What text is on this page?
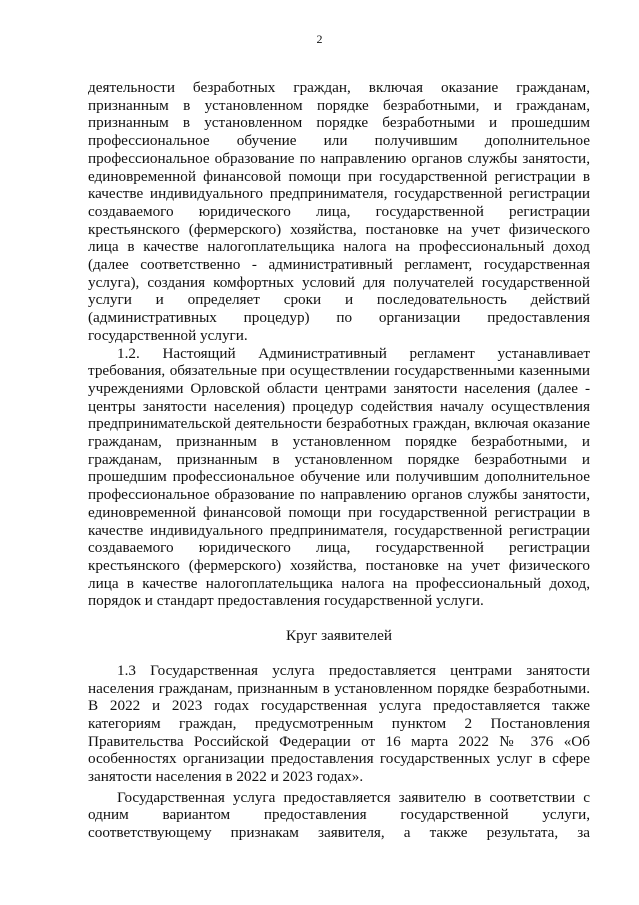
2

деятельности безработных граждан, включая оказание гражданам, признанным в установленном порядке безработными, и гражданам, признанным в установленном порядке безработными и прошедшим профессиональное обучение или получившим дополнительное профессиональное образование по направлению органов службы занятости, единовременной финансовой помощи при государственной регистрации в качестве индивидуального предпринимателя, государственной регистрации создаваемого юридического лица, государственной регистрации крестьянского (фермерского) хозяйства, постановке на учет физического лица в качестве налогоплательщика налога на профессиональный доход (далее соответственно - административный регламент, государственная услуга), создания комфортных условий для получателей государственной услуги и определяет сроки и последовательность действий (административных процедур) по организации предоставления государственной услуги.

1.2. Настоящий Административный регламент устанавливает требования, обязательные при осуществлении государственными казенными учреждениями Орловской области центрами занятости населения (далее - центры занятости населения) процедур содействия началу осуществления предпринимательской деятельности безработных граждан, включая оказание гражданам, признанным в установленном порядке безработными, и гражданам, признанным в установленном порядке безработными и прошедшим профессиональное обучение или получившим дополнительное профессиональное образование по направлению органов службы занятости, единовременной финансовой помощи при государственной регистрации в качестве индивидуального предпринимателя, государственной регистрации создаваемого юридического лица, государственной регистрации крестьянского (фермерского) хозяйства, постановке на учет физического лица в качестве налогоплательщика налога на профессиональный доход, порядок и стандарт предоставления государственной услуги.

Круг заявителей

1.3 Государственная услуга предоставляется центрами занятости населения гражданам, признанным в установленном порядке безработными. В 2022 и 2023 годах государственная услуга предоставляется также категориям граждан, предусмотренным пунктом 2 Постановления Правительства Российской Федерации от 16 марта 2022 № 376 «Об особенностях организации предоставления государственных услуг в сфере занятости населения в 2022 и 2023 годах».

Государственная услуга предоставляется заявителю в соответствии с одним вариантом предоставления государственной услуги, соответствующему признакам заявителя, а также результата, за
